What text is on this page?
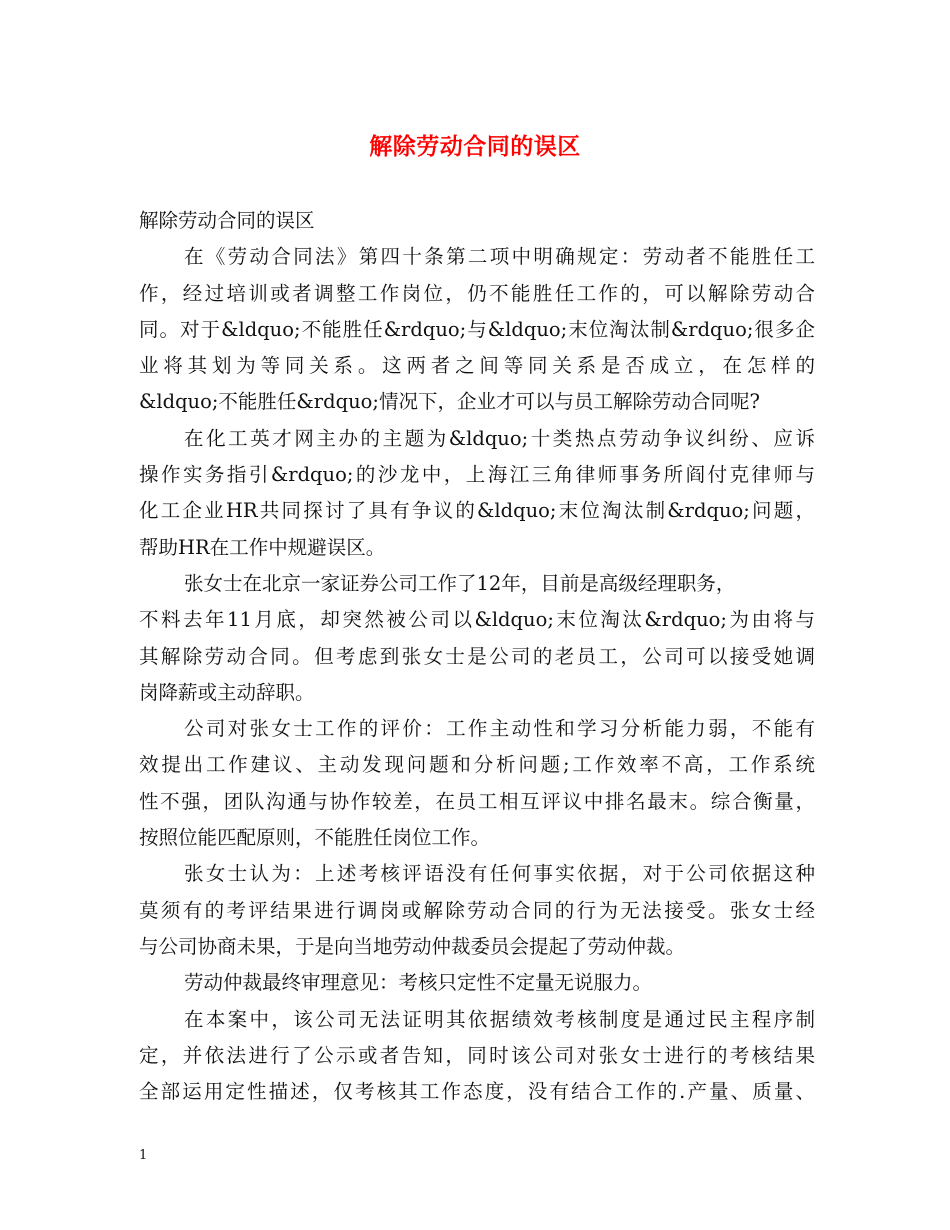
解除劳动合同的误区
解除劳动合同的误区
在《劳动合同法》第四十条第二项中明确规定：劳动者不能胜任工
作，经过培训或者调整工作岗位，仍不能胜任工作的，可以解除劳动合
同。对于&ldquo;不能胜任&rdquo;与&ldquo;末位淘汰制&rdquo;很多企
业将其划为等同关系。这两者之间等同关系是否成立，在怎样的
&ldquo;不能胜任&rdquo;情况下，企业才可以与员工解除劳动合同呢?
在化工英才网主办的主题为&ldquo;十类热点劳动争议纠纷、应诉
操作实务指引&rdquo;的沙龙中，上海江三角律师事务所阎付克律师与
化工企业HR共同探讨了具有争议的&ldquo;末位淘汰制&rdquo;问题，
帮助HR在工作中规避误区。
张女士在北京一家证券公司工作了12年，目前是高级经理职务，
不料去年11月底，却突然被公司以&ldquo;末位淘汰&rdquo;为由将与
其解除劳动合同。但考虑到张女士是公司的老员工，公司可以接受她调
岗降薪或主动辞职。
公司对张女士工作的评价：工作主动性和学习分析能力弱，不能有
效提出工作建议、主动发现问题和分析问题;工作效率不高，工作系统
性不强，团队沟通与协作较差，在员工相互评议中排名最末。综合衡量，
按照位能匹配原则，不能胜任岗位工作。
张女士认为：上述考核评语没有任何事实依据，对于公司依据这种
莫须有的考评结果进行调岗或解除劳动合同的行为无法接受。张女士经
与公司协商未果，于是向当地劳动仲裁委员会提起了劳动仲裁。
劳动仲裁最终审理意见：考核只定性不定量无说服力。
在本案中，该公司无法证明其依据绩效考核制度是通过民主程序制
定，并依法进行了公示或者告知，同时该公司对张女士进行的考核结果
全部运用定性描述，仅考核其工作态度，没有结合工作的.产量、质量、
1
